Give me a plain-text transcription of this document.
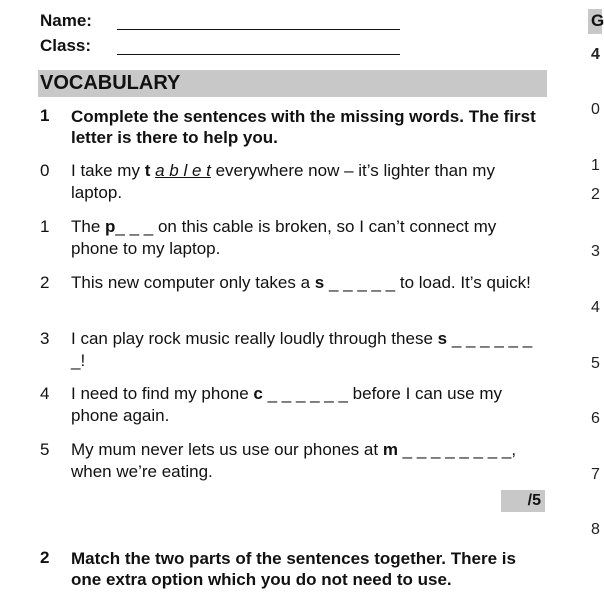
Name:
Class:
VOCABULARY
1 Complete the sentences with the missing words. The first letter is there to help you.
0 I take my t a b l e t everywhere now – it’s lighter than my laptop.
1 The p_ _ _ on this cable is broken, so I can’t connect my phone to my laptop.
2 This new computer only takes a s _ _ _ _ _ to load. It’s quick!
3 I can play rock music really loudly through these s _ _ _ _ _ _ _!
4 I need to find my phone c _ _ _ _ _ _ before I can use my phone again.
5 My mum never lets us use our phones at m _ _ _ _ _ _ _ _, when we’re eating.
/5
2 Match the two parts of the sentences together. There is one extra option which you do not need to use.
G
4
0
1
2
3
4
5
6
7
8
